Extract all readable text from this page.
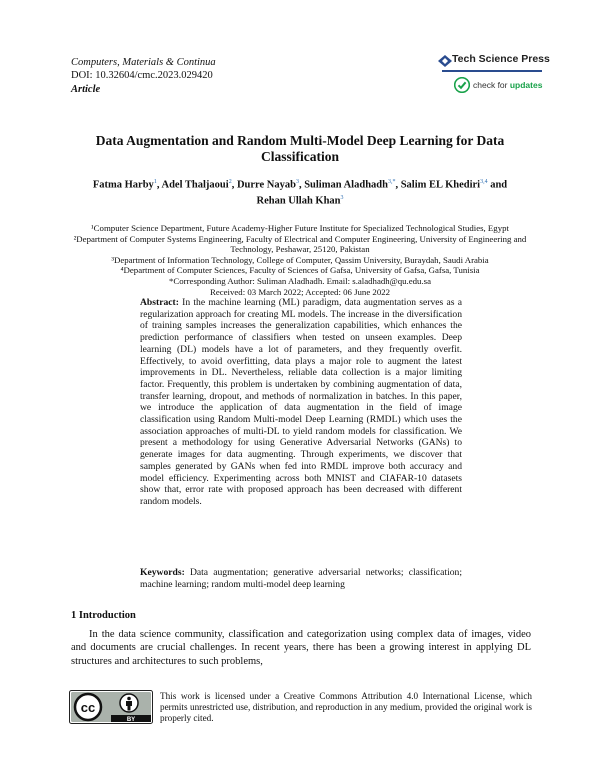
Computers, Materials & Continua
DOI: 10.32604/cmc.2023.029420
Article
Tech Science Press
check for updates
Data Augmentation and Random Multi-Model Deep Learning for Data Classification
Fatma Harby$^1$, Adel Thaljaoui$^2$, Durre Nayab$^3$, Suliman Aladhadh$^{3,*}$, Salim EL Khediri$^{3,4}$ and Rehan Ullah Khan$^3$
¹Computer Science Department, Future Academy-Higher Future Institute for Specialized Technological Studies, Egypt
²Department of Computer Systems Engineering, Faculty of Electrical and Computer Engineering, University of Engineering and Technology, Peshawar, 25120, Pakistan
³Department of Information Technology, College of Computer, Qassim University, Buraydah, Saudi Arabia
⁴Department of Computer Sciences, Faculty of Sciences of Gafsa, University of Gafsa, Gafsa, Tunisia
*Corresponding Author: Suliman Aladhadh. Email: s.aladhadh@qu.edu.sa
Received: 03 March 2022; Accepted: 06 June 2022
Abstract: In the machine learning (ML) paradigm, data augmentation serves as a regularization approach for creating ML models. The increase in the diversification of training samples increases the generalization capabilities, which enhances the prediction performance of classifiers when tested on unseen examples. Deep learning (DL) models have a lot of parameters, and they frequently overfit. Effectively, to avoid overfitting, data plays a major role to augment the latest improvements in DL. Nevertheless, reliable data collection is a major limiting factor. Frequently, this problem is undertaken by combining augmentation of data, transfer learning, dropout, and methods of normalization in batches. In this paper, we introduce the application of data augmentation in the field of image classification using Random Multi-model Deep Learning (RMDL) which uses the association approaches of multi-DL to yield random models for classification. We present a methodology for using Generative Adversarial Networks (GANs) to generate images for data augmenting. Through experiments, we discover that samples generated by GANs when fed into RMDL improve both accuracy and model efficiency. Experimenting across both MNIST and CIAFAR-10 datasets show that, error rate with proposed approach has been decreased with different random models.
Keywords: Data augmentation; generative adversarial networks; classification; machine learning; random multi-model deep learning
1 Introduction
In the data science community, classification and categorization using complex data of images, video and documents are crucial challenges. In recent years, there has been a growing interest in applying DL structures and architectures to such problems,
cc
BY
This work is licensed under a Creative Commons Attribution 4.0 International License, which permits unrestricted use, distribution, and reproduction in any medium, provided the original work is properly cited.
